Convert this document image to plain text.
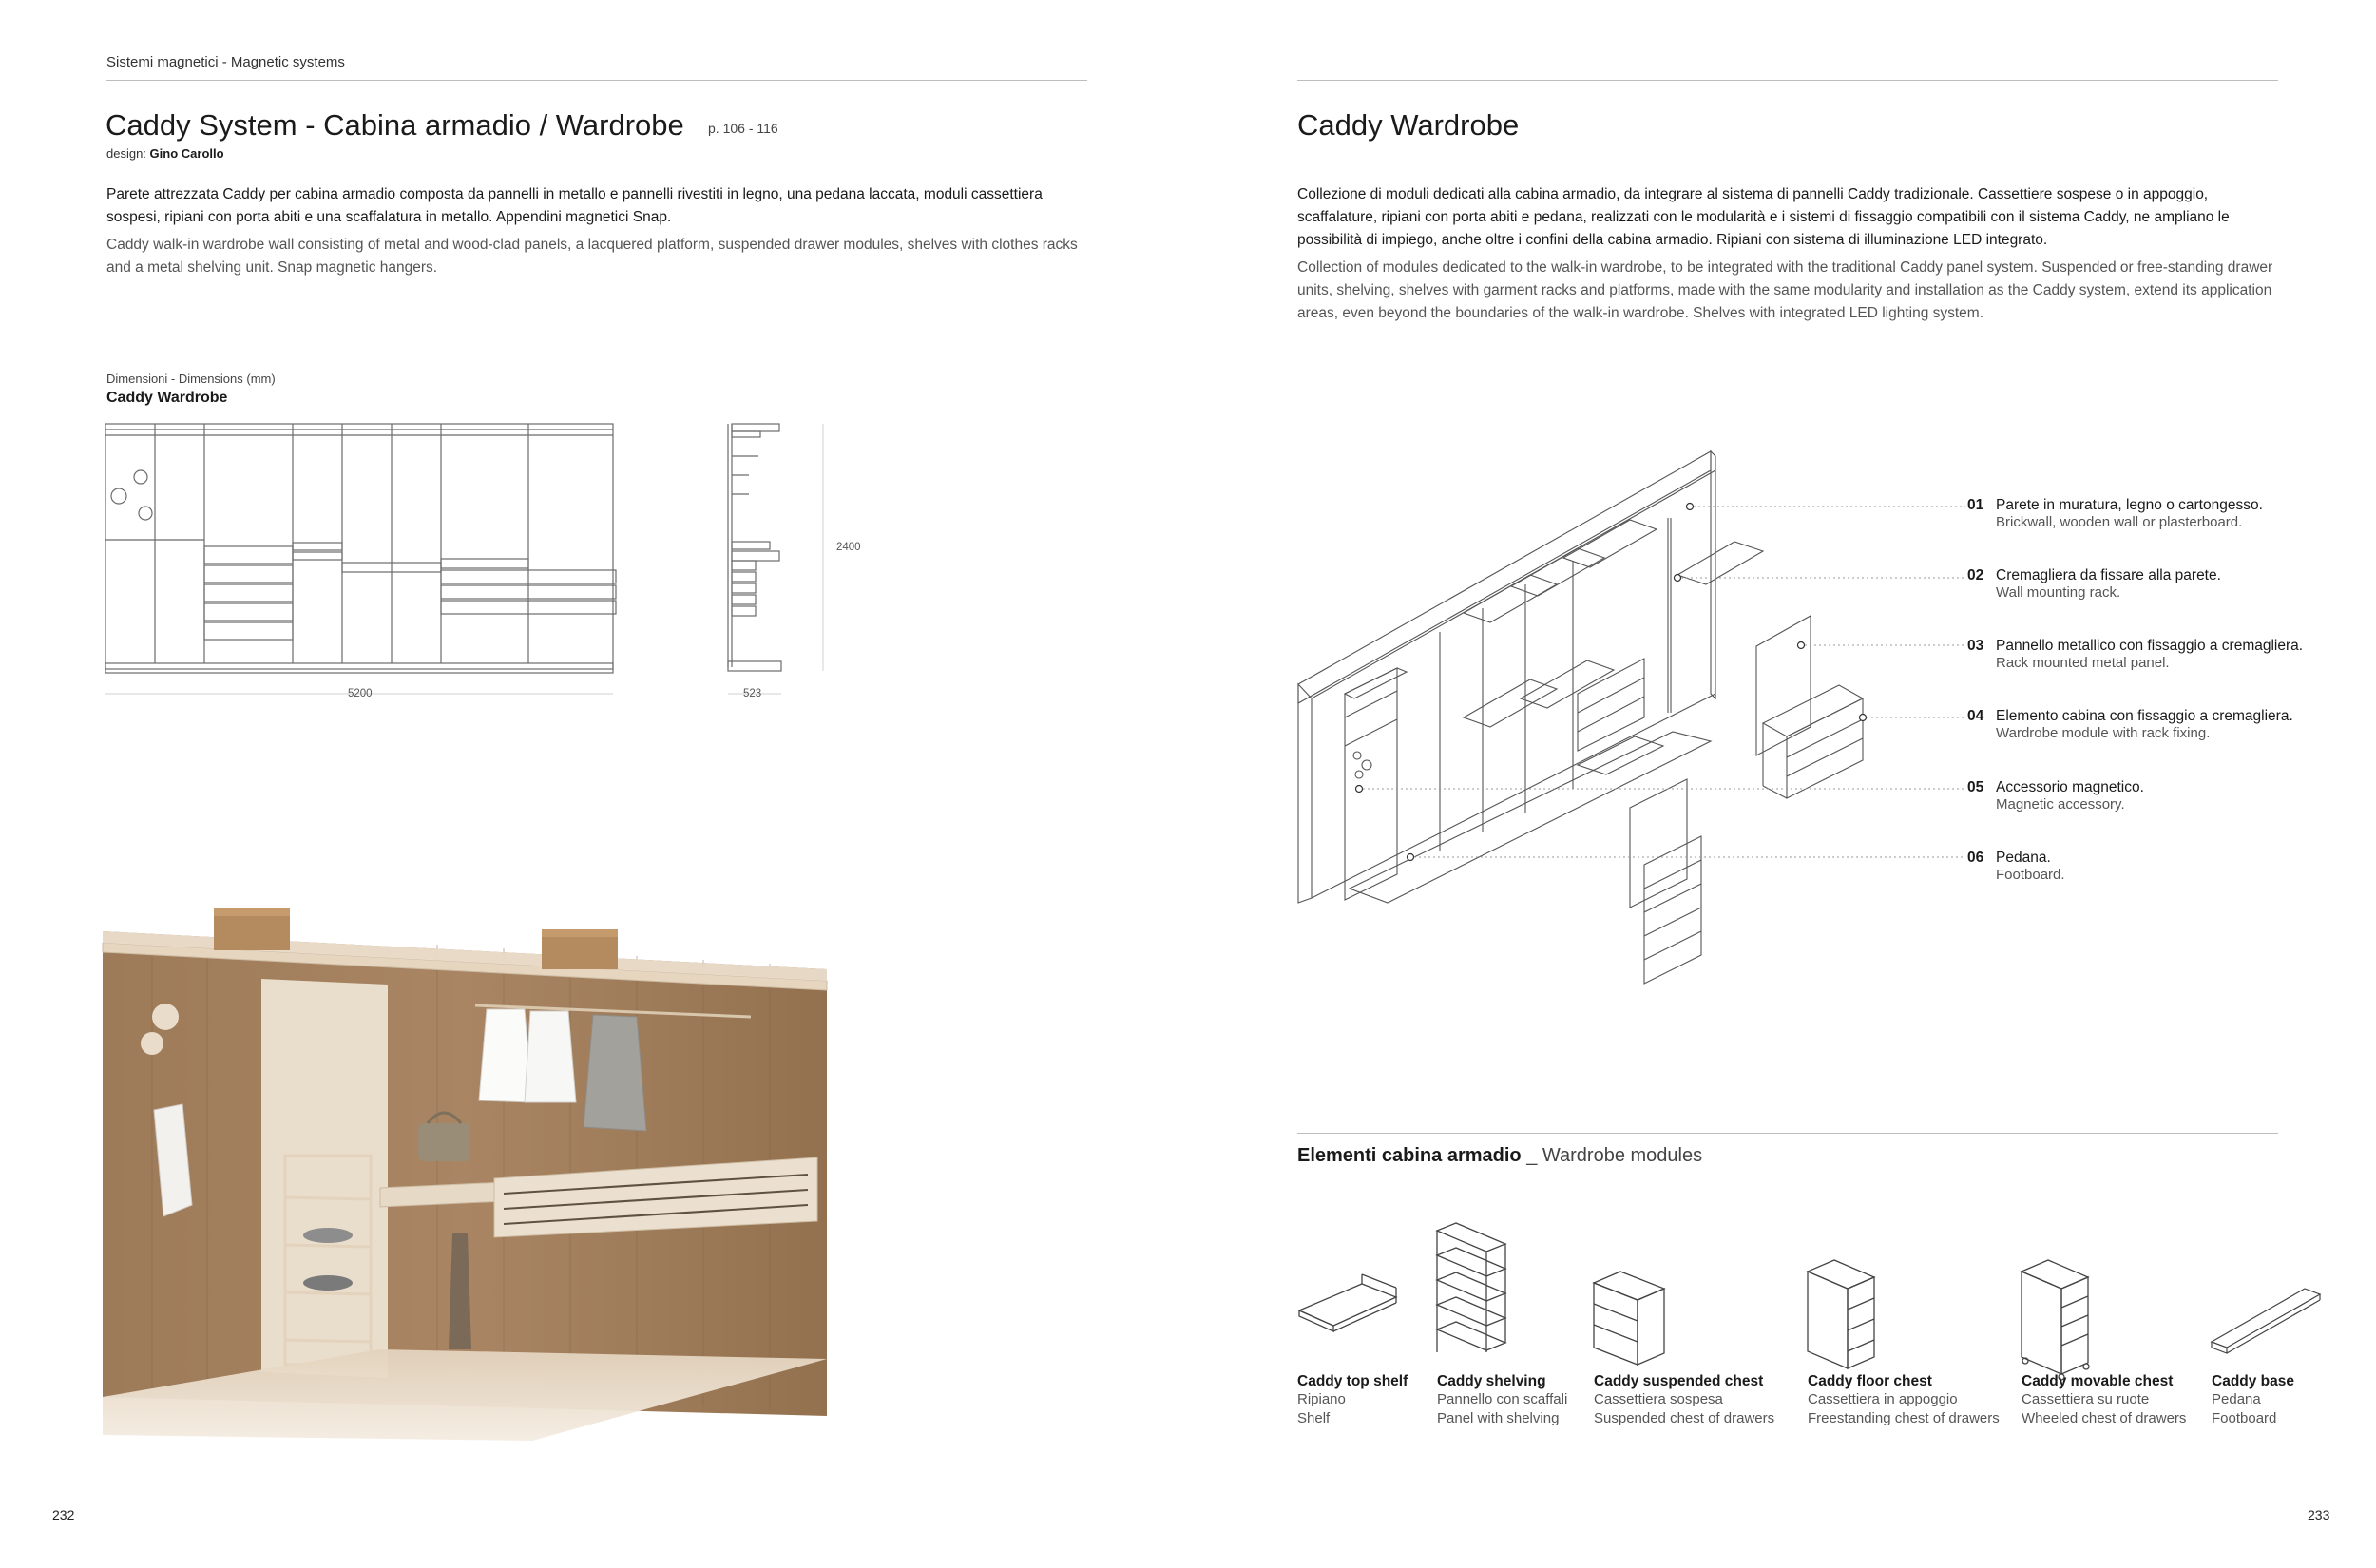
Sistemi magnetici - Magnetic systems
Caddy System - Cabina armadio / Wardrobe p. 106 - 116
design: Gino Carollo
Parete attrezzata Caddy per cabina armadio composta da pannelli in metallo e pannelli rivestiti in legno, una pedana laccata, moduli cassettiera sospesi, ripiani con porta abiti e una scaffalatura in metallo. Appendini magnetici Snap.
Caddy walk-in wardrobe wall consisting of metal and wood-clad panels, a lacquered platform, suspended drawer modules, shelves with clothes racks and a metal shelving unit. Snap magnetic hangers.
Dimensioni - Dimensions (mm)
Caddy Wardrobe
5200	523
2400
232
Caddy Wardrobe
Collezione di moduli dedicati alla cabina armadio, da integrare al sistema di pannelli Caddy tradizionale. Cassettiere sospese o in appoggio, scaffalature, ripiani con porta abiti e pedana, realizzati con le modularità e i sistemi di fissaggio compatibili con il sistema Caddy, ne ampliano le possibilità di impiego, anche oltre i confini della cabina armadio. Ripiani con sistema di illuminazione LED integrato.
Collection of modules dedicated to the walk-in wardrobe, to be integrated with the traditional Caddy panel system. Suspended or free-standing drawer units, shelving, shelves with garment racks and platforms, made with the same modularity and installation as the Caddy system, extend its application areas, even beyond the boundaries of the walk-in wardrobe. Shelves with integrated LED lighting system.
01 Parete in muratura, legno o cartongesso.
Brickwall, wooden wall or plasterboard.
02 Cremagliera da fissare alla parete.
Wall mounting rack.
03 Pannello metallico con fissaggio a cremagliera.
Rack mounted metal panel.
04 Elemento cabina con fissaggio a cremagliera.
Wardrobe module with rack fixing.
05 Accessorio magnetico.
Magnetic accessory.
06 Pedana.
Footboard.
Elementi cabina armadio _ Wardrobe modules
Caddy top shelf
Ripiano
Shelf
Caddy shelving
Pannello con scaffali
Panel with shelving
Caddy suspended chest
Cassettiera sospesa
Suspended chest of drawers
Caddy floor chest
Cassettiera in appoggio
Freestanding chest of drawers
Caddy movable chest
Cassettiera su ruote
Wheeled chest of drawers
Caddy base
Pedana
Footboard
233
